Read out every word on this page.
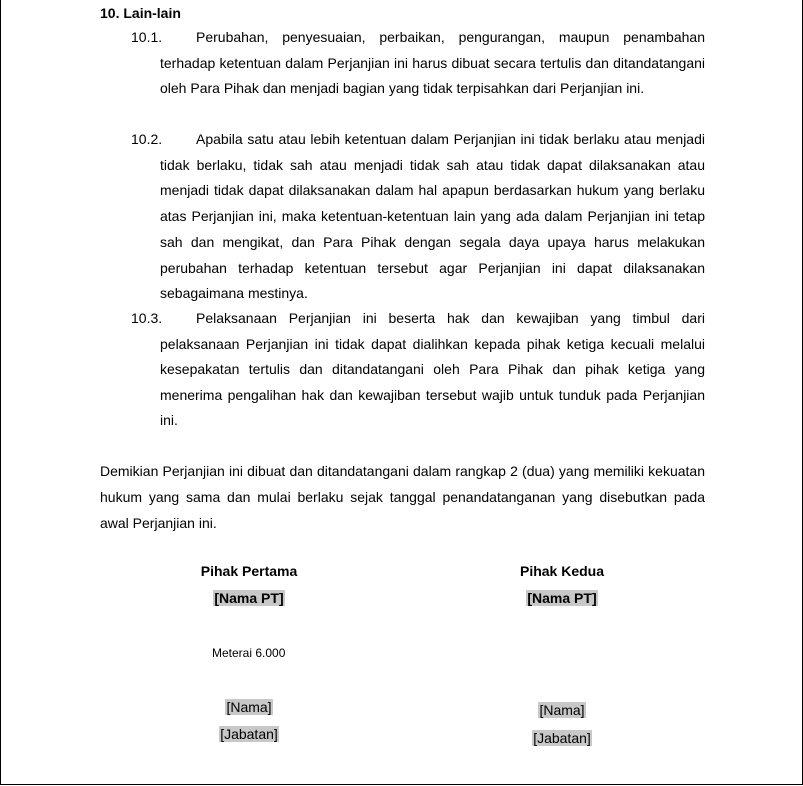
10. Lain-lain
10.1.	Perubahan, penyesuaian, perbaikan, pengurangan, maupun penambahan terhadap ketentuan dalam Perjanjian ini harus dibuat secara tertulis dan ditandatangani oleh Para Pihak dan menjadi bagian yang tidak terpisahkan dari Perjanjian ini.
10.2.	Apabila satu atau lebih ketentuan dalam Perjanjian ini tidak berlaku atau menjadi tidak berlaku, tidak sah atau menjadi tidak sah atau tidak dapat dilaksanakan atau menjadi tidak dapat dilaksanakan dalam hal apapun berdasarkan hukum yang berlaku atas Perjanjian ini, maka ketentuan-ketentuan lain yang ada dalam Perjanjian ini tetap sah dan mengikat, dan Para Pihak dengan segala daya upaya harus melakukan perubahan terhadap ketentuan tersebut agar Perjanjian ini dapat dilaksanakan sebagaimana mestinya.
10.3.	Pelaksanaan Perjanjian ini beserta hak dan kewajiban yang timbul dari pelaksanaan Perjanjian ini tidak dapat dialihkan kepada pihak ketiga kecuali melalui kesepakatan tertulis dan ditandatangani oleh Para Pihak dan pihak ketiga yang menerima pengalihan hak dan kewajiban tersebut wajib untuk tunduk pada Perjanjian ini.
Demikian Perjanjian ini dibuat dan ditandatangani dalam rangkap 2 (dua) yang memiliki kekuatan hukum yang sama dan mulai berlaku sejak tanggal penandatanganan yang disebutkan pada awal Perjanjian ini.
Pihak Pertama
[Nama PT]
Pihak Kedua
[Nama PT]
Meterai 6.000
[Nama]
[Jabatan]
[Nama]
[Jabatan]
